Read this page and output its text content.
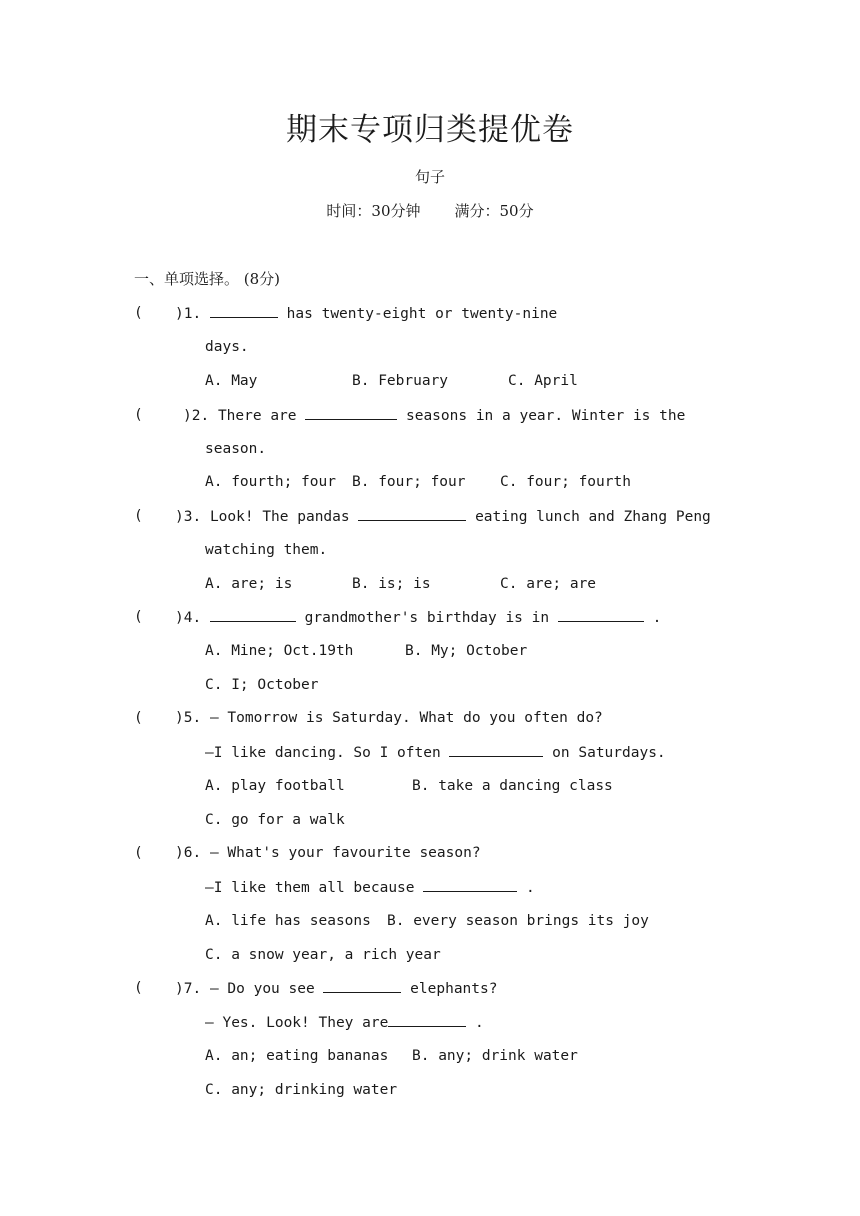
期末专项归类提优卷
句子
时间：30分钟 满分：50分
一、单项选择。 (8分)
( )1.	has twenty-eight or twenty-nine
days.
A. May	B. February	C. April
(	)2. There are	seasons in a year. Winter is the
season.
A. fourth; four B. four; four C. four; fourth
( )3. Look! The pandas	eating lunch and Zhang Peng
watching them.
A. are; is	B. is; is	C. are; are
( )4.	grandmother's birthday is in	.
A. Mine; Oct.19th	B. My; October
C. I; October
( )5. — Tomorrow is Saturday. What do you often do?
—I like dancing. So I often	on Saturdays.
A. play football	B. take a dancing class
C. go for a walk
( )6. — What's your favourite season?
—I like them all because	.
A. life has seasons B. every season brings its joy
C. a snow year, a rich year
( )7. — Do you see	elephants?
— Yes. Look! They are	.
A. an; eating bananas B. any; drink water
C. any; drinking water
